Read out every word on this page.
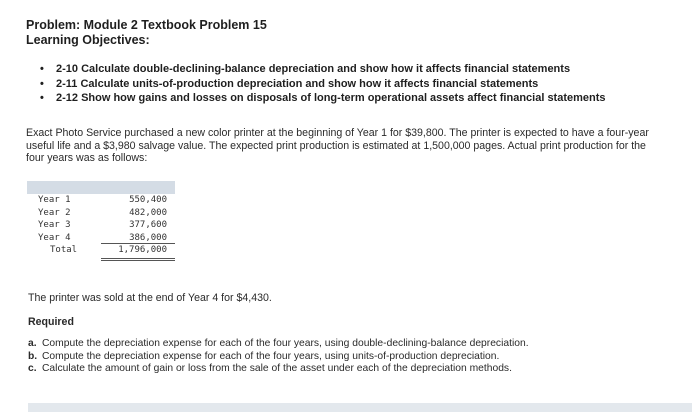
Problem: Module 2 Textbook Problem 15
Learning Objectives:
• 2-10 Calculate double-declining-balance depreciation and show how it affects financial statements
• 2-11 Calculate units-of-production depreciation and show how it affects financial statements
• 2-12 Show how gains and losses on disposals of long-term operational assets affect financial statements
Exact Photo Service purchased a new color printer at the beginning of Year 1 for $39,800. The printer is expected to have a four-year useful life and a $3,980 salvage value. The expected print production is estimated at 1,500,000 pages. Actual print production for the four years was as follows:
Year 1	550,400
Year 2	482,000
Year 3	377,600
Year 4	386,000
Total	1,796,000
The printer was sold at the end of Year 4 for $4,430.
Required
a. Compute the depreciation expense for each of the four years, using double-declining-balance depreciation.
b. Compute the depreciation expense for each of the four years, using units-of-production depreciation.
c. Calculate the amount of gain or loss from the sale of the asset under each of the depreciation methods.
